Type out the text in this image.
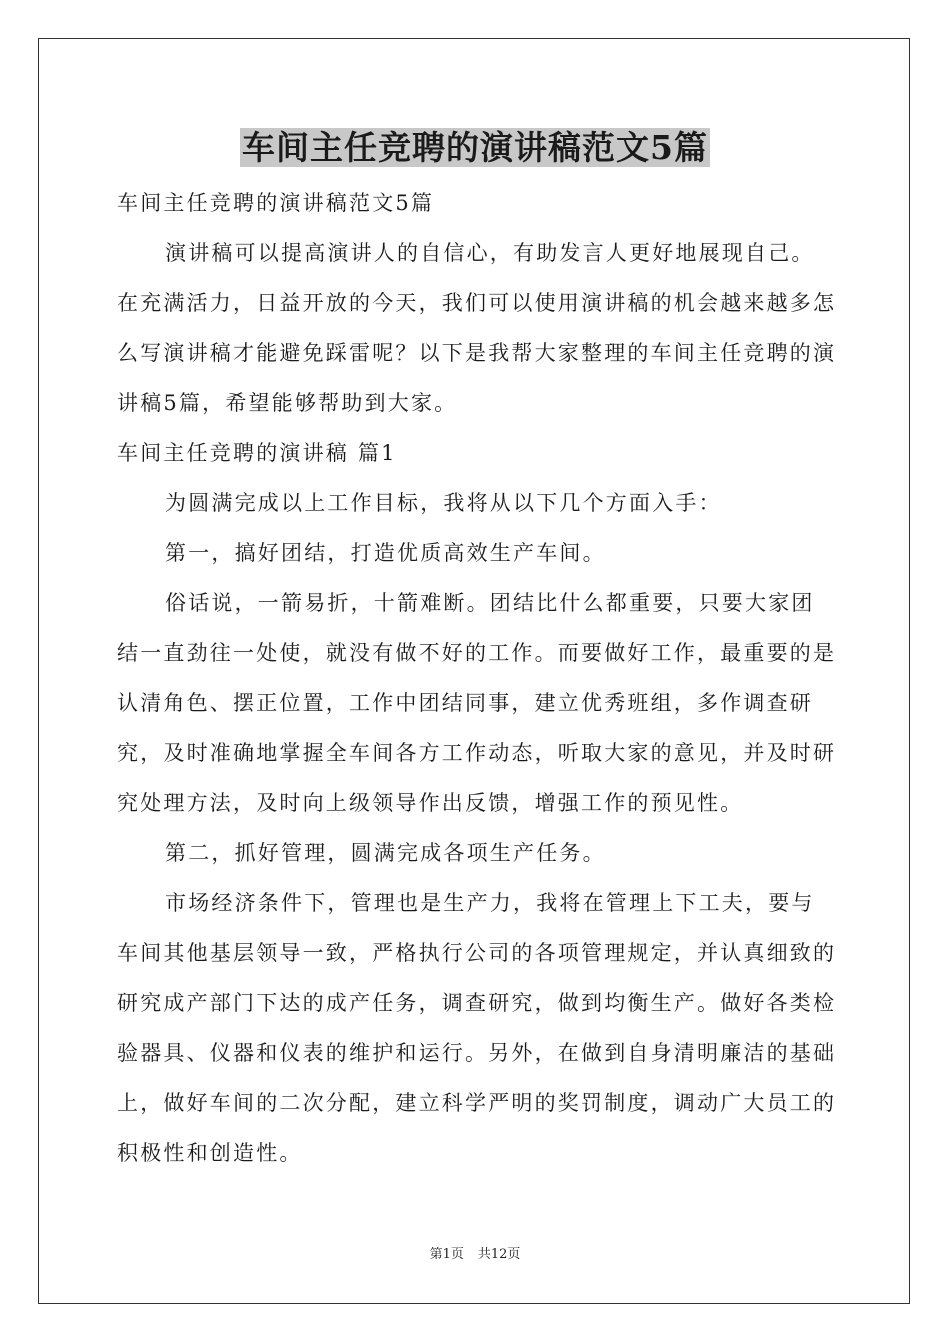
车间主任竞聘的演讲稿范文5篇

车间主任竞聘的演讲稿范文5篇

演讲稿可以提高演讲人的自信心，有助发言人更好地展现自己。在充满活力，日益开放的今天，我们可以使用演讲稿的机会越来越多怎么写演讲稿才能避免踩雷呢？以下是我帮大家整理的车间主任竞聘的演讲稿5篇，希望能够帮助到大家。

车间主任竞聘的演讲稿 篇1

为圆满完成以上工作目标，我将从以下几个方面入手：

第一，搞好团结，打造优质高效生产车间。

俗话说，一箭易折，十箭难断。团结比什么都重要，只要大家团结一直劲往一处使，就没有做不好的工作。而要做好工作，最重要的是认清角色、摆正位置，工作中团结同事，建立优秀班组，多作调查研究，及时准确地掌握全车间各方工作动态，听取大家的意见，并及时研究处理方法，及时向上级领导作出反馈，增强工作的预见性。

第二，抓好管理，圆满完成各项生产任务。

市场经济条件下，管理也是生产力，我将在管理上下工夫，要与车间其他基层领导一致，严格执行公司的各项管理规定，并认真细致的研究成产部门下达的成产任务，调查研究，做到均衡生产。做好各类检验器具、仪器和仪表的维护和运行。另外，在做到自身清明廉洁的基础上，做好车间的二次分配，建立科学严明的奖罚制度，调动广大员工的积极性和创造性。

第1页 共12页
